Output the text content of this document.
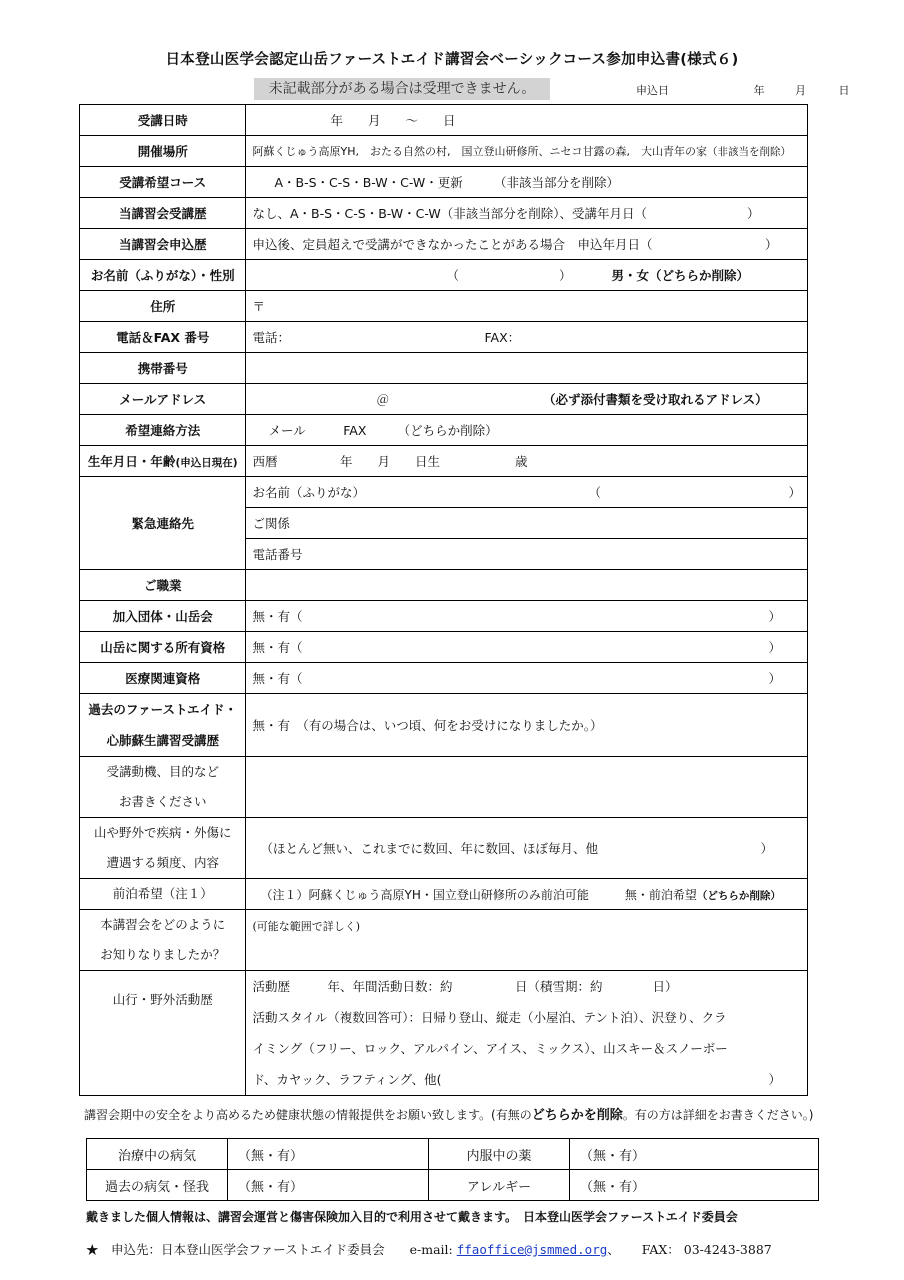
日本登山医学会認定山岳ファーストエイド講習会ベーシックコース参加申込書(様式６)
未記載部分がある場合は受理できません。	申込日	年	月	日
受講日時	年　　月　　〜　　日
開催場所	阿蘇くじゅう高原YH,　おたる自然の村,　国立登山研修所、ニセコ甘露の森,　大山青年の家（非該当を削除）
受講希望コース	A・B-S・C-S・B-W・C-W・更新　　　（非該当部分を削除）
当講習会受講歴	なし、A・B-S・C-S・B-W・C-W（非該当部分を削除）、受講年月日（　　　　　　　　）
当講習会申込歴	申込後、定員超えで受講ができなかったことがある場合　申込年月日（　　　　　　　　　）
お名前（ふりがな）・性別	（　　　　　　　　） 男・女（どちらか削除）
住所	〒
電話＆FAX 番号	電話： FAX：
携帯番号	
メールアドレス	＠ （必ず添付書類を受け取れるアドレス）
希望連絡方法	メール　　　FAX　　　（どちらか削除）
生年月日・年齢(申込日現在)	西暦　　　　　年　　月　　日生　　　　　　歳
緊急連絡先	お名前（ふりがな） （　　　　　　　　　　　　　　　）
	ご関係
	電話番号
ご職業	
加入団体・山岳会	無・有（ ）
山岳に関する所有資格	無・有（ ）
医療関連資格	無・有（ ）

過去のファーストエイド・
心肺蘇生講習受講歴	無・有　（有の場合は、いつ頃、何をお受けになりましたか。）

受講動機、目的など
お書きください	

山や野外で疾病・外傷に
遭遇する頻度、内容	（ほとんど無い、これまでに数回、年に数回、ほぼ毎月、他　　　　　　　　　　　　　）
前泊希望（注１）	（注１）阿蘇くじゅう高原YH・国立登山研修所のみ前泊可能　　　無・前泊希望（どちらか削除）

本講習会をどのように
お知りなりましたか？	(可能な範囲で詳しく)
山行・野外活動歴	活動歴　　　年、年間活動日数：約　　　　　日（積雪期：約　　　　日）
活動スタイル（複数回答可）：日帰り登山、縦走（小屋泊、テント泊）、沢登り、クラ
イミング（フリー、ロック、アルパイン、アイス、ミックス）、山スキー＆スノーボー
ド、カヤック、ラフティング、他( ）
講習会期中の安全をより高めるため健康状態の情報提供をお願い致します。(有無のどちらかを削除。有の方は詳細をお書きください。)
治療中の病気	（無・有）	内服中の薬	（無・有）
過去の病気・怪我	（無・有）	アレルギー	（無・有）
戴きました個人情報は、講習会運営と傷害保険加入目的で利用させて戴きます。　日本登山医学会ファーストエイド委員会
★　申込先：日本登山医学会ファーストエイド委員会　　e-mail: ffaoffice@jsmmed.org、 FAX： 03-4243-3887
